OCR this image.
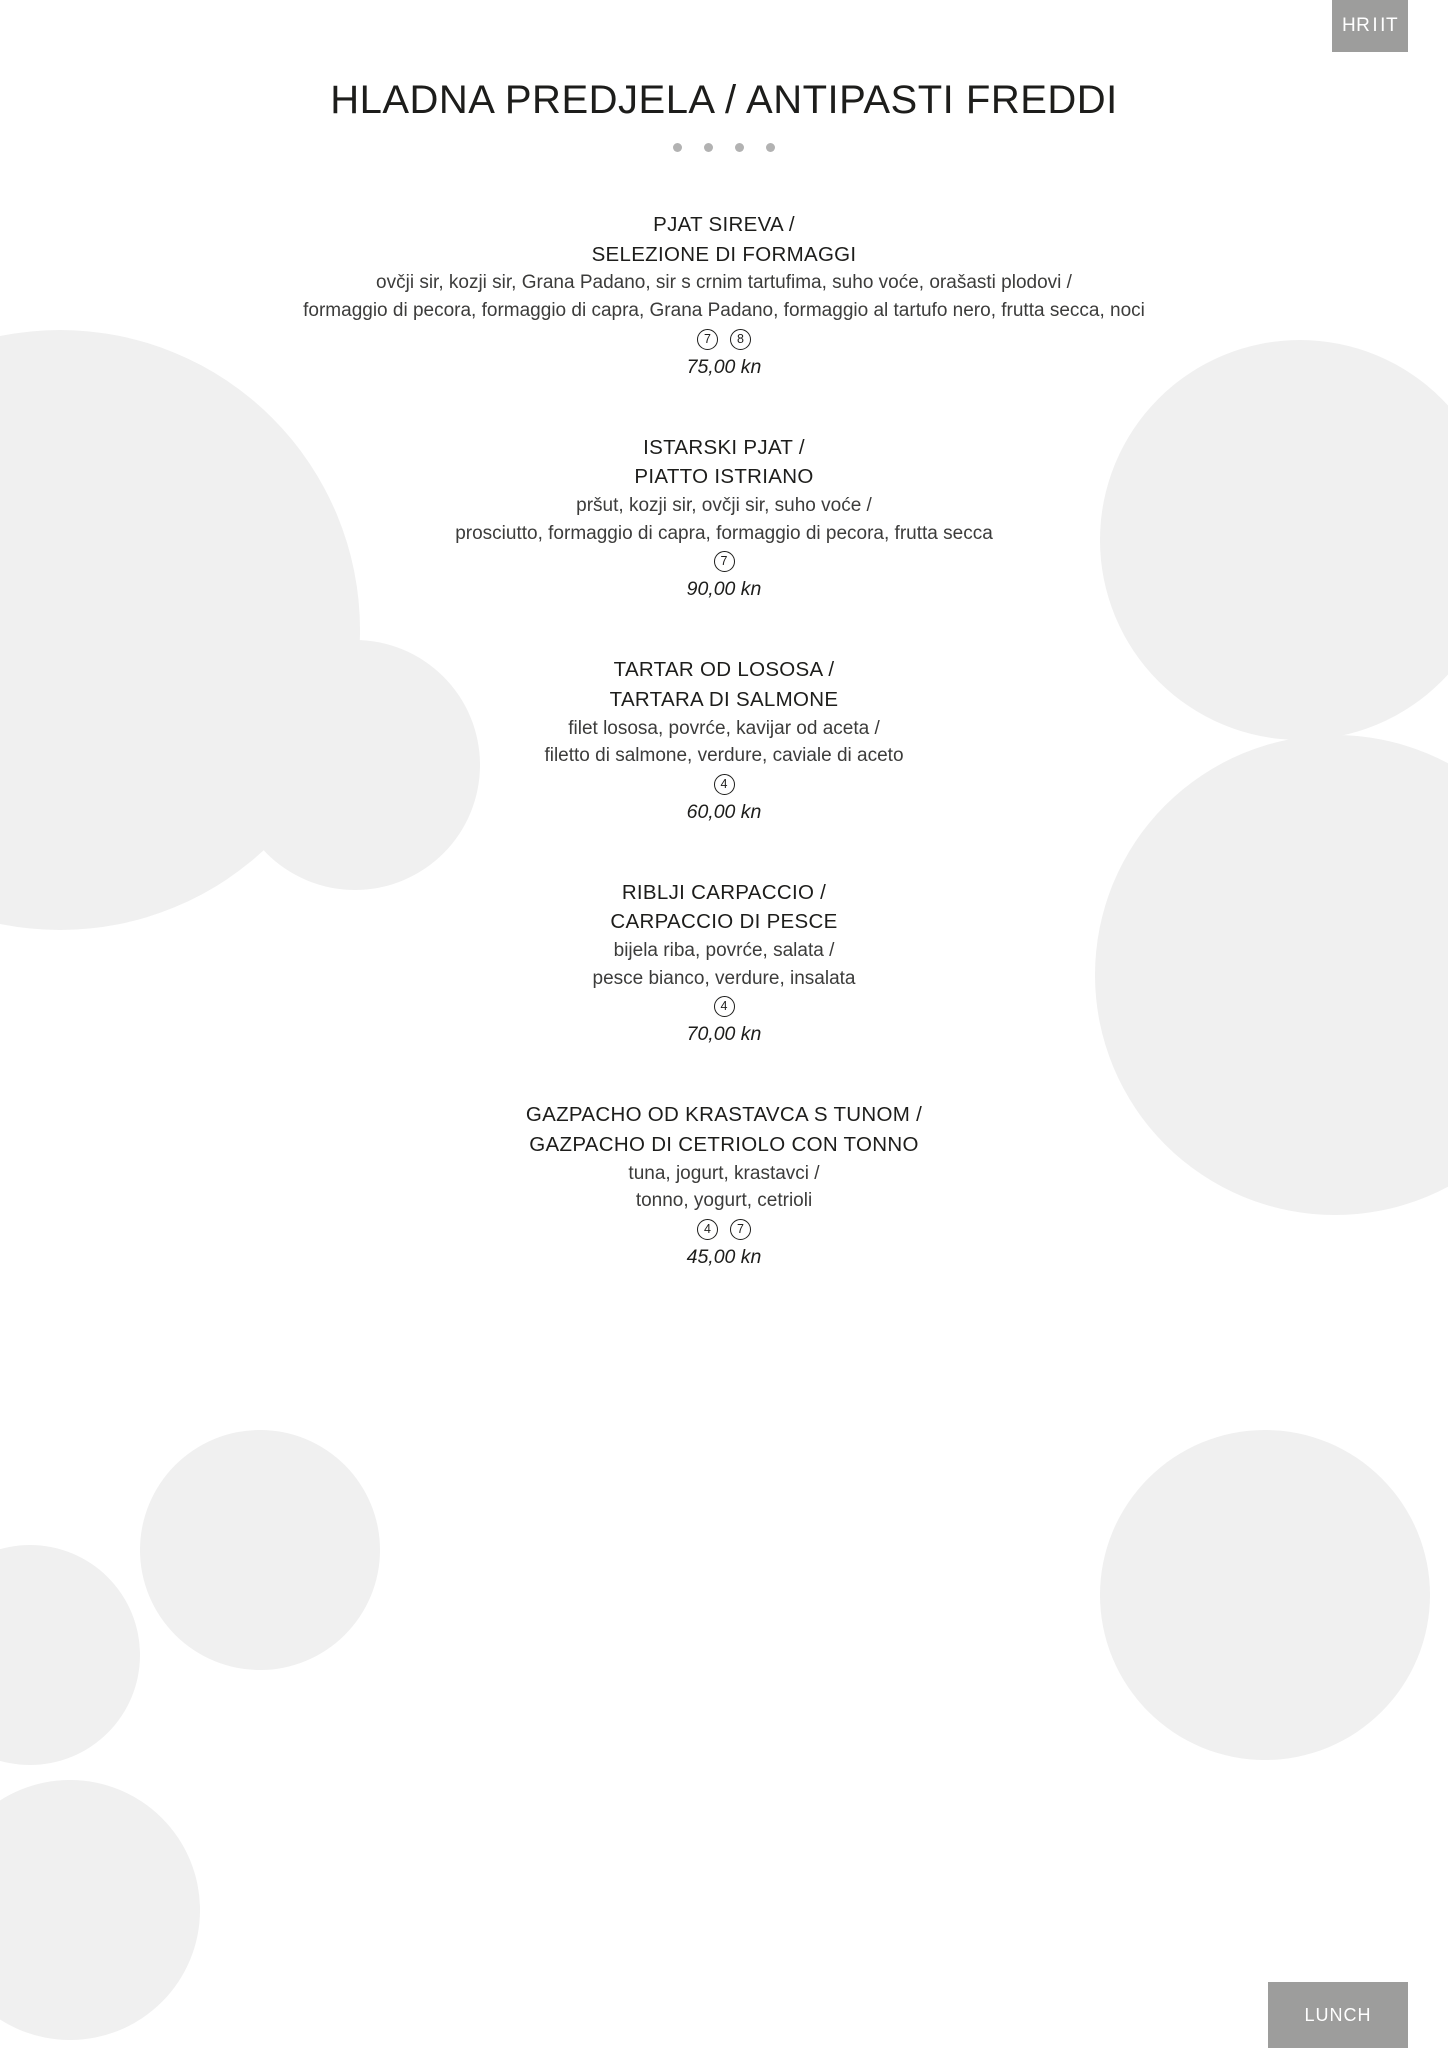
HR I IT
HLADNA PREDJELA / ANTIPASTI FREDDI
PJAT SIREVA /
SELEZIONE DI FORMAGGI
ovčji sir, kozji sir, Grana Padano, sir s crnim tartufima, suho voće, orašasti plodovi /
formaggio di pecora, formaggio di capra, Grana Padano, formaggio al tartufo nero, frutta secca, noci
7	8
75,00 kn
ISTARSKI PJAT /
PIATTO ISTRIANO
pršut, kozji sir, ovčji sir, suho voće /
prosciutto, formaggio di capra, formaggio di pecora, frutta secca
7
90,00 kn
TARTAR OD LOSOSA /
TARTARA DI SALMONE
filet lososa, povrće, kavijar od aceta /
filetto di salmone, verdure, caviale di aceto
4
60,00 kn
RIBLJI CARPACCIO /
CARPACCIO DI PESCE
bijela riba, povrće, salata /
pesce bianco, verdure, insalata
4
70,00 kn
GAZPACHO OD KRASTAVCA S TUNOM /
GAZPACHO DI CETRIOLO CON TONNO
tuna, jogurt, krastavci /
tonno, yogurt, cetrioli
4	7
45,00 kn
LUNCH
